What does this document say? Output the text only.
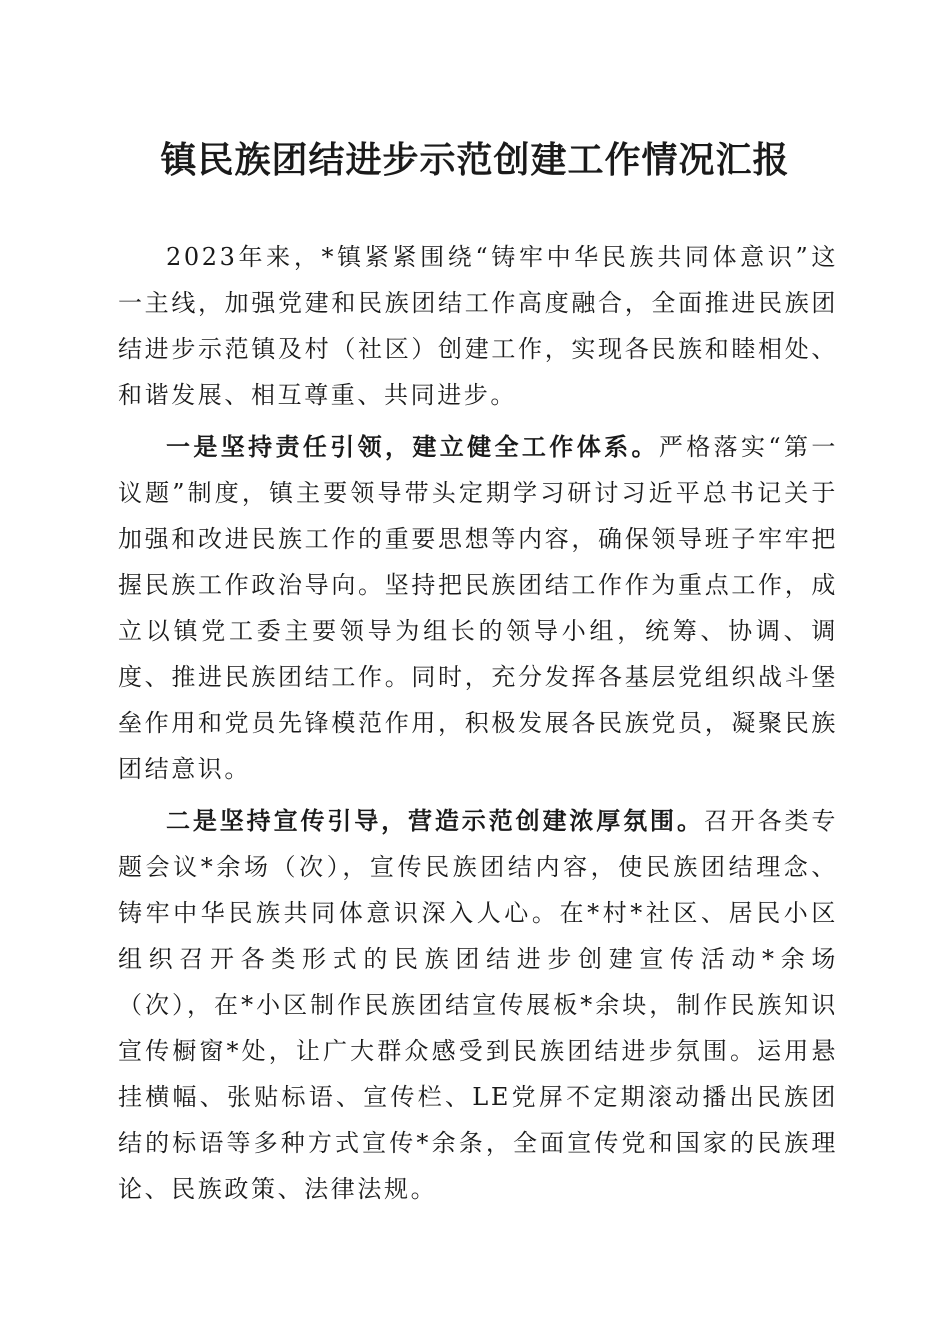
镇民族团结进步示范创建工作情况汇报

2023年来，*镇紧紧围绕“铸牢中华民族共同体意识”这一主线，加强党建和民族团结工作高度融合，全面推进民族团结进步示范镇及村（社区）创建工作，实现各民族和睦相处、和谐发展、相互尊重、共同进步。

一是坚持责任引领，建立健全工作体系。严格落实“第一议题”制度，镇主要领导带头定期学习研讨习近平总书记关于加强和改进民族工作的重要思想等内容，确保领导班子牢牢把握民族工作政治导向。坚持把民族团结工作作为重点工作，成立以镇党工委主要领导为组长的领导小组，统筹、协调、调度、推进民族团结工作。同时，充分发挥各基层党组织战斗堡垒作用和党员先锋模范作用，积极发展各民族党员，凝聚民族团结意识。

二是坚持宣传引导，营造示范创建浓厚氛围。召开各类专题会议*余场（次），宣传民族团结内容，使民族团结理念、铸牢中华民族共同体意识深入人心。在*村*社区、居民小区组织召开各类形式的民族团结进步创建宣传活动*余场（次），在*小区制作民族团结宣传展板*余块，制作民族知识宣传橱窗*处，让广大群众感受到民族团结进步氛围。运用悬挂横幅、张贴标语、宣传栏、LE党屏不定期滚动播出民族团结的标语等多种方式宣传*余条，全面宣传党和国家的民族理论、民族政策、法律法规。
